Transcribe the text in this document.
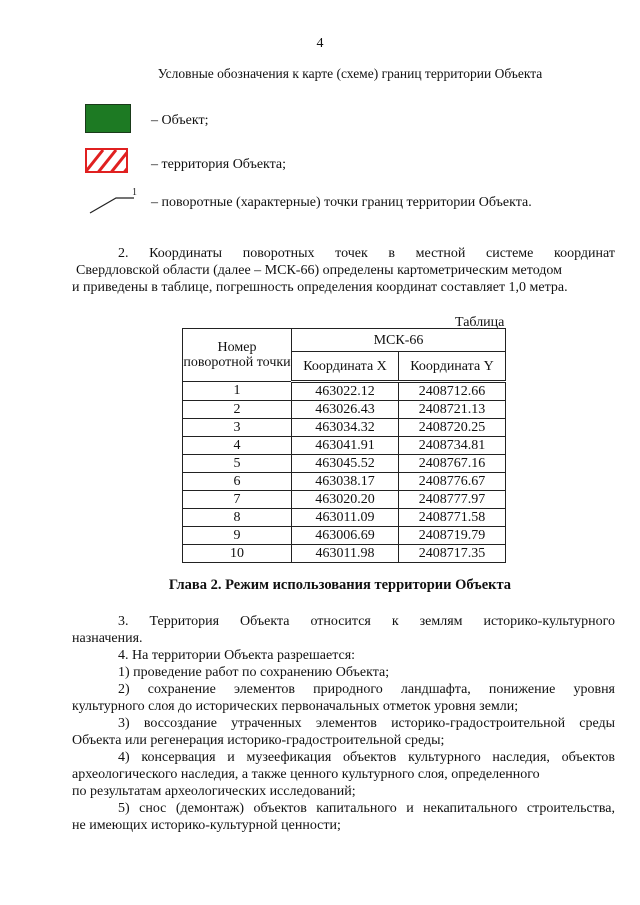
4
Условные обозначения к карте (схеме) границ территории Объекта
– Объект;
– территория Объекта;
1
– поворотные (характерные) точки границ территории Объекта.
2. Координаты поворотных точек в местной системе координат
Свердловской области (далее – МСК-66) определены картометрическим методом
и приведены в таблице, погрешность определения координат составляет 1,0 метра.
Таблица
Номер поворотной точки	МСК-66	
	Координата X	Координата Y
1	463022.12	2408712.66
2	463026.43	2408721.13
3	463034.32	2408720.25
4	463041.91	2408734.81
5	463045.52	2408767.16
6	463038.17	2408776.67
7	463020.20	2408777.97
8	463011.09	2408771.58
9	463006.69	2408719.79
10	463011.98	2408717.35
Глава 2. Режим использования территории Объекта
3. Территория Объекта относится к землям историко-культурного
назначения.
4. На территории Объекта разрешается:
1) проведение работ по сохранению Объекта;
2) сохранение элементов природного ландшафта, понижение уровня
культурного слоя до исторических первоначальных отметок уровня земли;
3) воссоздание утраченных элементов историко-градостроительной среды
Объекта или регенерация историко-градостроительной среды;
4) консервация и музеефикация объектов культурного наследия, объектов
археологического наследия, а также ценного культурного слоя, определенного
по результатам археологических исследований;
5) снос (демонтаж) объектов капитального и некапитального строительства,
не имеющих историко-культурной ценности;
